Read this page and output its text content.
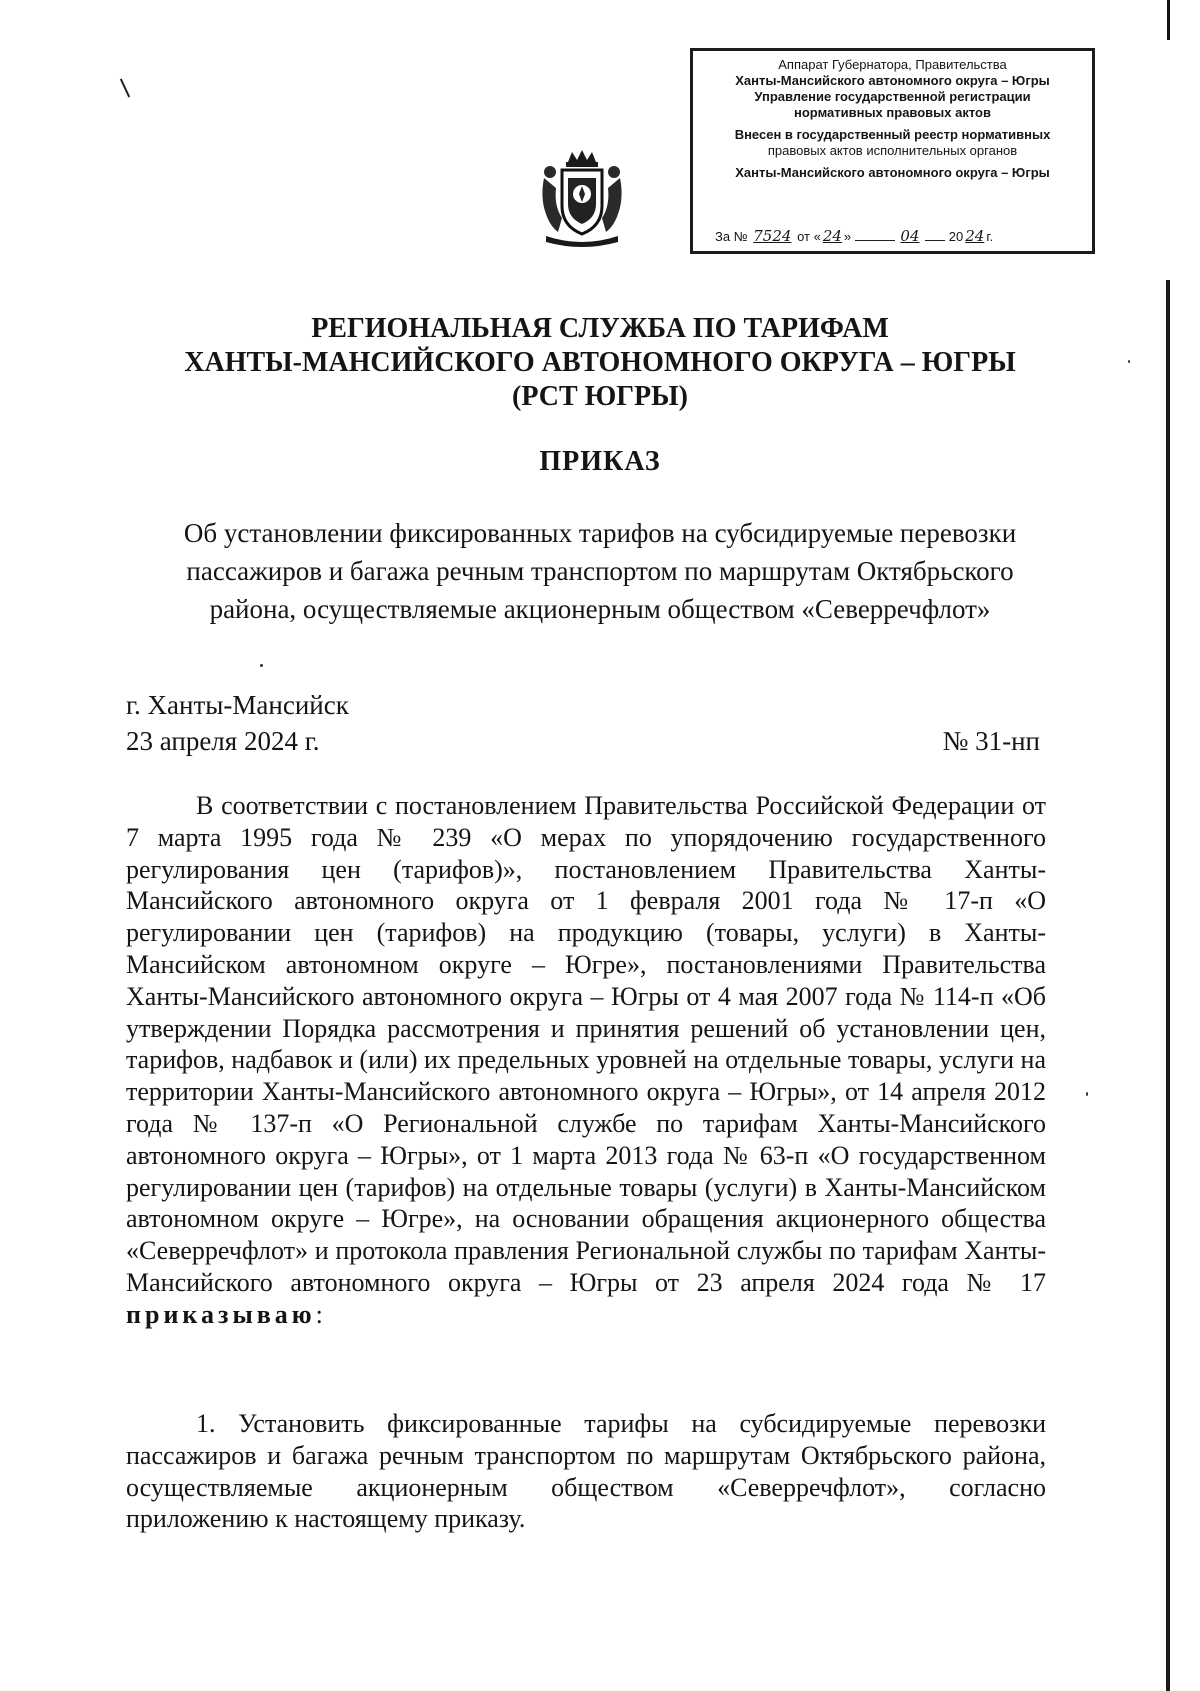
Аппарат Губернатора, Правительства
Ханты-Мансийского автономного округа – Югры
Управление государственной регистрации
нормативных правовых актов
Внесен в государственный реестр нормативных
правовых актов исполнительных органов
Ханты-Мансийского автономного округа – Югры
За № 7524 от « 24 »	04 20 24 г.
РЕГИОНАЛЬНАЯ СЛУЖБА ПО ТАРИФАМ
ХАНТЫ-МАНСИЙСКОГО АВТОНОМНОГО ОКРУГА – ЮГРЫ
(РСТ ЮГРЫ)
ПРИКАЗ
Об установлении фиксированных тарифов на субсидируемые перевозки
пассажиров и багажа речным транспортом по маршрутам Октябрьского
района, осуществляемые акционерным обществом «Северречфлот»
г. Ханты-Мансийск
23 апреля 2024 г.	№ 31-нп
В соответствии с постановлением Правительства Российской Федерации от 7 марта 1995 года № 239 «О мерах по упорядочению государственного регулирования цен (тарифов)», постановлением Правительства Ханты-Мансийского автономного округа от 1 февраля 2001 года № 17-п «О регулировании цен (тарифов) на продукцию (товары, услуги) в Ханты-Мансийском автономном округе – Югре», постановлениями Правительства Ханты-Мансийского автономного округа – Югры от 4 мая 2007 года № 114-п «Об утверждении Порядка рассмотрения и принятия решений об установлении цен, тарифов, надбавок и (или) их предельных уровней на отдельные товары, услуги на территории Ханты-Мансийского автономного округа – Югры», от 14 апреля 2012 года № 137-п «О Региональной службе по тарифам Ханты-Мансийского автономного округа – Югры», от 1 марта 2013 года № 63-п «О государственном регулировании цен (тарифов) на отдельные товары (услуги) в Ханты-Мансийском автономном округе – Югре», на основании обращения акционерного общества «Северречфлот» и протокола правления Региональной службы по тарифам Ханты-Мансийского автономного округа – Югры от 23 апреля 2024 года № 17 приказываю:
1. Установить фиксированные тарифы на субсидируемые перевозки пассажиров и багажа речным транспортом по маршрутам Октябрьского района, осуществляемые акционерным обществом «Северречфлот», согласно приложению к настоящему приказу.
